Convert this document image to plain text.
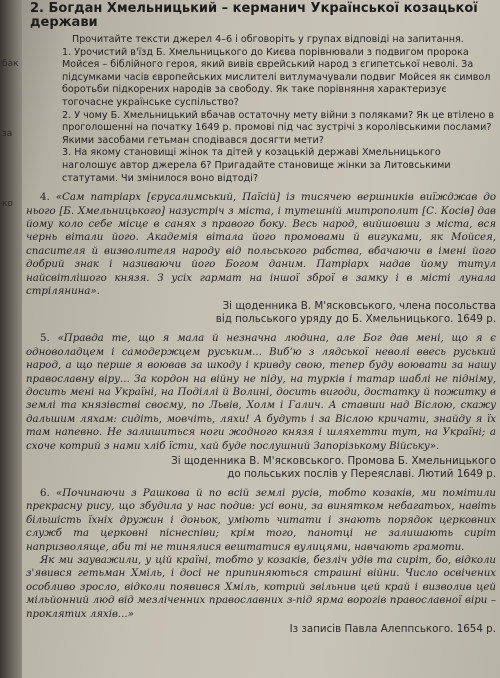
бак
за
ко
2. Богдан Хмельницький – керманич Української козацької
держави

Прочитайте тексти джерел 4–6 і обговоріть у групах відповіді на запитання.

1. Урочистий в'їзд Б. Хмельницького до Києва порівнювали з подвигом пророка Мойсея – біблійного героя, який вивів єврейський народ з єгипетської неволі. За підсумками часів європейських мислителі витлумачували подвиг Мойсея як символ боротьби підкорених народів за свободу. Як таке порівняння характеризує тогочасне українське суспільство?

2. У чому Б. Хмельницький вбачав остаточну мету війни з поляками? Як це втілено в проголошенні на початку 1649 р. промові під час зустрічі з королівськими послами? Якими засобами гетьман сподівався досягти мети?

3. На якому становищі жінок та дітей у козацькій державі Хмельницького наголошує автор джерела 6? Пригадайте становище жінки за Литовськими статутами. Чи змінилося воно відтоді?

4. «Сам патріарх [єрусалимський, Паїсій] із тисячею вершників виїжджав до нього [Б. Хмельницького] назустріч з міста, і тутешній митрополит [С. Косів] дав йому коло себе місце в санях з правого боку. Весь народ, вийшовши з міста, вся чернь вітали його. Академія вітала його промовами й вигуками, як Мойсея, спасителя й визволителя народу від польського рабства, вбачаючи в імені його добрий знак і називаючи його Богом даним. Патріарх надав йому титул найсвітлішого князя. З усіх гармат на іншої зброї в замку і в місті лунала стрілянина».

Зі щоденника В. М'ясковського, члена посольства
від польського уряду до Б. Хмельницького. 1649 р.

5. «Правда те, що я мала й незначна людина, але Бог дав мені, що я є одноволадцем і самодержцем руським... Вибʼю з лядської неволі ввесь руський народ, а що перше я воював за шкоду і кривду свою, тепер буду воювати за нашу православну віру... За кордон на війну не піду, на турків і татар шаблі не підніму, досить мені на Україні, на Поділлі й Волині, досить вигоди, достатку й пожитку в землі та князівстві своєму, по Львів, Холм і Галич. А ставши над Віслою, скажу дальшим ляхам: сидіть, мовчіть, ляхи! А будуть і за Віслою кричати, знайду я їх там напевно. Не залишиться ноги жодного князя і шляхетти тут, на Україні; а схоче котрий з нами хліб їсти, хай буде послушний Запорізькому Війську».

Зі щоденника В. М'ясковського. Промова Б. Хмельницького
до польських послів у Переяславі. Лютий 1649 р.

6. «Починаючи з Рашкова й по всій землі русів, тобто козаків, ми помітили прекрасну рису, що збудила у нас подив: усі вони, за винятком небагатьох, навіть більшість їхніх дружин і доньок, уміють читати і знають порядок церковних служб та церковні піснеспіви; крім того, панотці не залишають сиріт напризволяще, аби ті не тинялися вештатися вулицями, навчають грамоти.

Як ми зауважили, у цій країні, тобто у козаків, безліч удів та сиріт, бо, відколи з'явився гетьман Хміль, і досі не припиняються страшні війни. Число освічених особливо зросло, відколи появився Хміль, котрий звільнив цей край і визволив цей мільйонний люд від мезліченних православних з-під ярма ворогів православної віри – проклятих ляхів...»

Із записів Павла Алеппського. 1654 р.
